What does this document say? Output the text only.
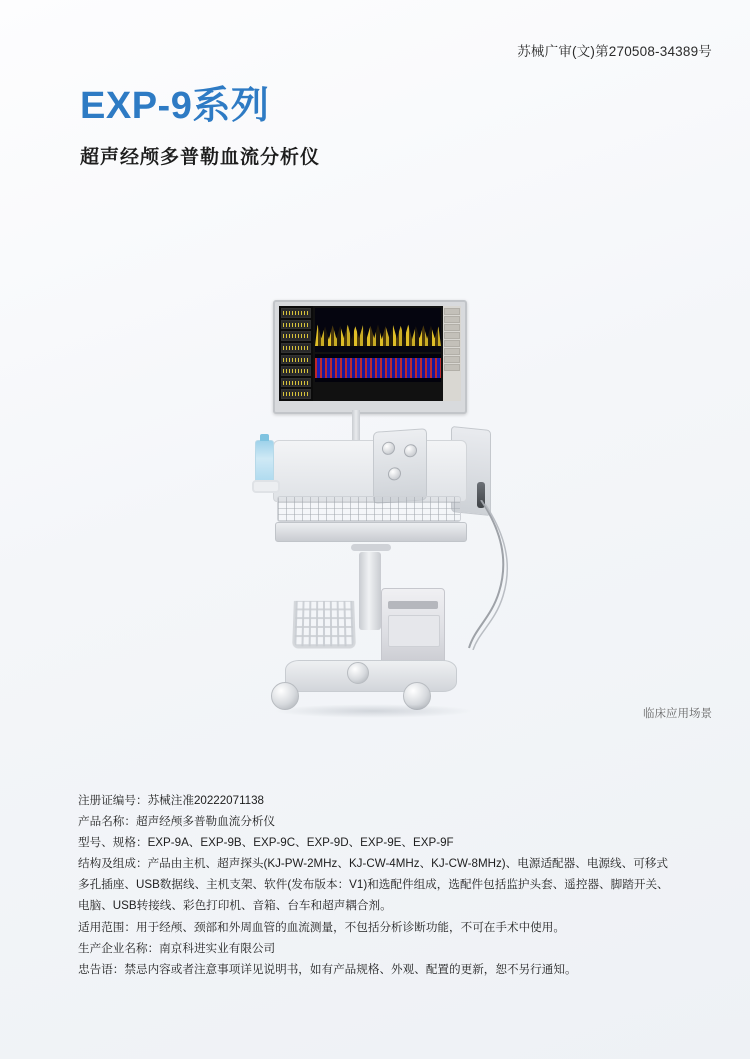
苏械广审(文)第270508-34389号
EXP-9系列
超声经颅多普勒血流分析仪
临床应用场景
注册证编号：苏械注准20222071138
产品名称：超声经颅多普勒血流分析仪
型号、规格：EXP-9A、EXP-9B、EXP-9C、EXP-9D、EXP-9E、EXP-9F
结构及组成：产品由主机、超声探头(KJ-PW-2MHz、KJ-CW-4MHz、KJ-CW-8MHz)、电源适配器、电源线、可移式多孔插座、USB数据线、主机支架、软件(发布版本：V1)和选配件组成，选配件包括监护头套、遥控器、脚踏开关、电脑、USB转接线、彩色打印机、音箱、台车和超声耦合剂。
适用范围：用于经颅、颈部和外周血管的血流测量，不包括分析诊断功能，不可在手术中使用。
生产企业名称：南京科进实业有限公司
忠告语：禁忌内容或者注意事项详见说明书，如有产品规格、外观、配置的更新，恕不另行通知。
